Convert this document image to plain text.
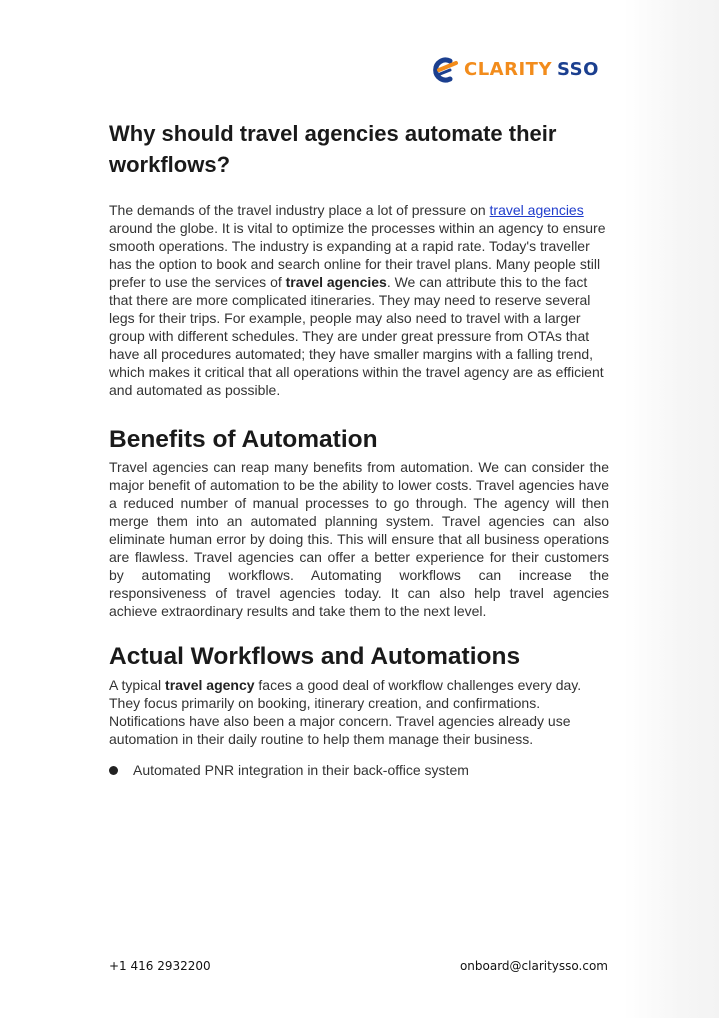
CLARITY SSO
Why should travel agencies automate their workflows?

The demands of the travel industry place a lot of pressure on travel agencies around the globe. It is vital to optimize the processes within an agency to ensure smooth operations. The industry is expanding at a rapid rate. Today's traveller has the option to book and search online for their travel plans. Many people still prefer to use the services of travel agencies. We can attribute this to the fact that there are more complicated itineraries. They may need to reserve several legs for their trips. For example, people may also need to travel with a larger group with different schedules. They are under great pressure from OTAs that have all procedures automated; they have smaller margins with a falling trend, which makes it critical that all operations within the travel agency are as efficient and automated as possible.

Benefits of Automation

Travel agencies can reap many benefits from automation. We can consider the major benefit of automation to be the ability to lower costs. Travel agencies have a reduced number of manual processes to go through. The agency will then merge them into an automated planning system. Travel agencies can also eliminate human error by doing this. This will ensure that all business operations are flawless. Travel agencies can offer a better experience for their customers by automating workflows. Automating workflows can increase the responsiveness of travel agencies today. It can also help travel agencies achieve extraordinary results and take them to the next level.

Actual Workflows and Automations

A typical travel agency faces a good deal of workflow challenges every day. They focus primarily on booking, itinerary creation, and confirmations. Notifications have also been a major concern. Travel agencies already use automation in their daily routine to help them manage their business.

Automated PNR integration in their back-office system
+1 416 2932200	onboard@claritysso.com
